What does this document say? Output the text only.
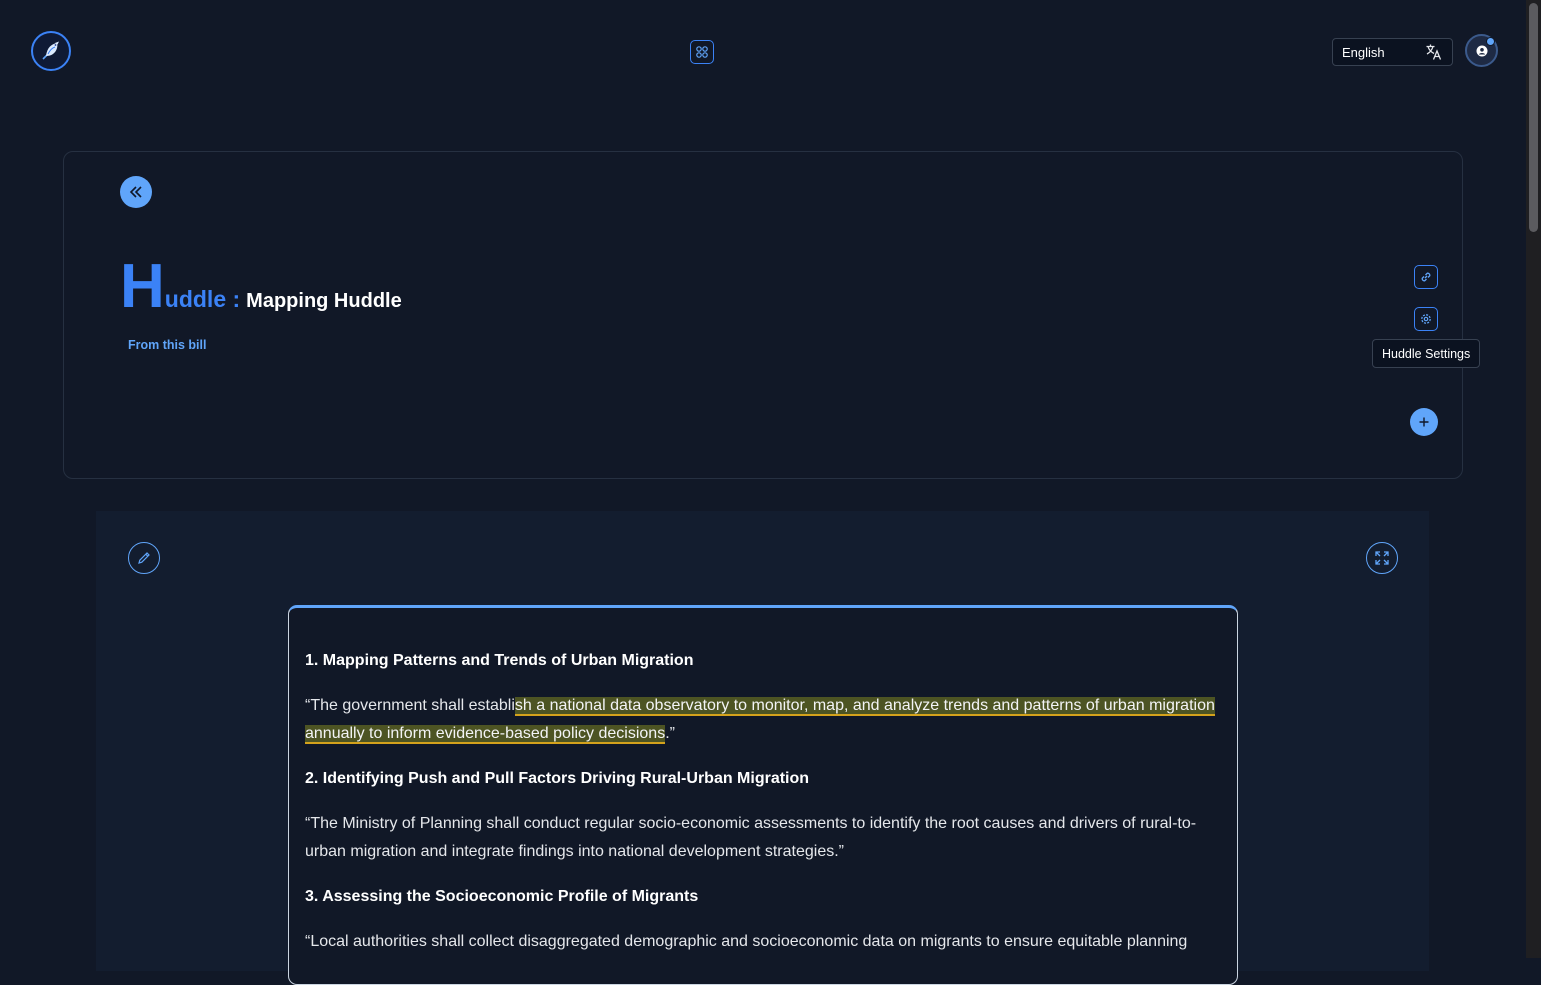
English
H uddle : Mapping Huddle
From this bill
Huddle Settings
1. Mapping Patterns and Trends of Urban Migration

“The government shall establish a national data observatory to monitor, map, and analyze trends and patterns of urban migration annually to inform evidence-based policy decisions.”

2. Identifying Push and Pull Factors Driving Rural-Urban Migration

“The Ministry of Planning shall conduct regular socio-economic assessments to identify the root causes and drivers of rural-to-urban migration and integrate findings into national development strategies.”

3. Assessing the Socioeconomic Profile of Migrants

“Local authorities shall collect disaggregated demographic and socioeconomic data on migrants to ensure equitable planning
